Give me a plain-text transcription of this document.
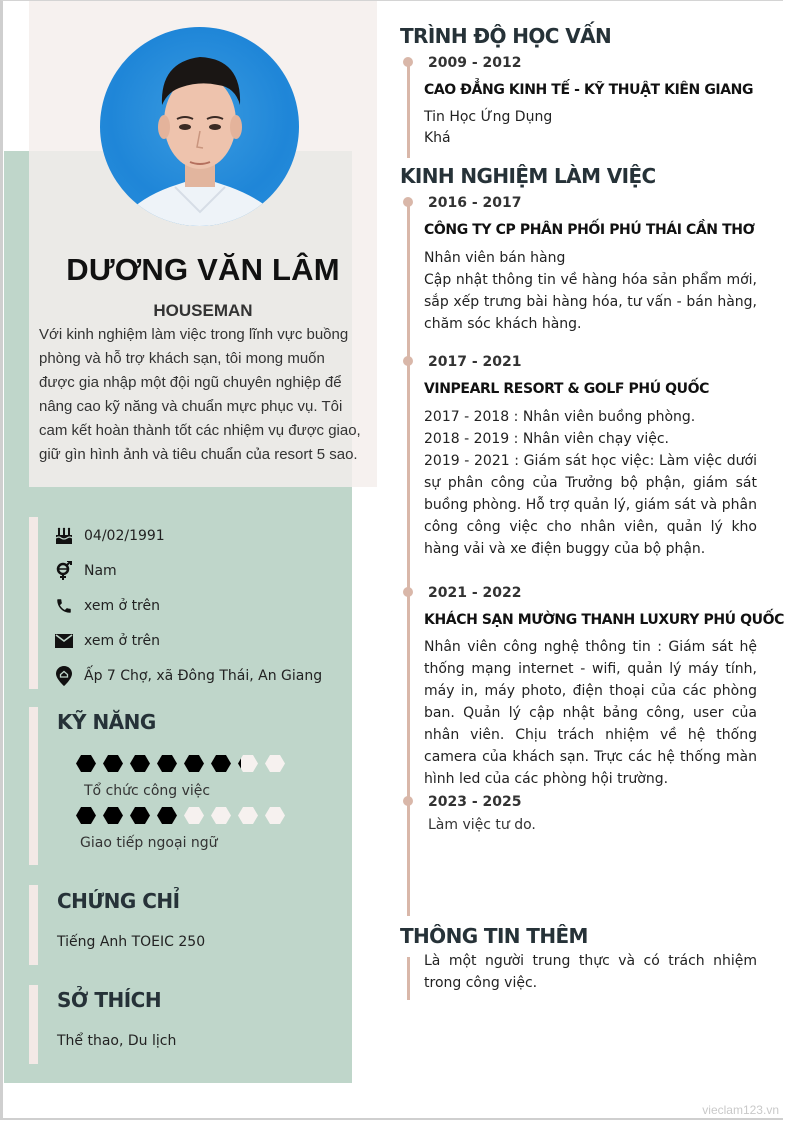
DƯƠNG VĂN LÂM
HOUSEMAN
Với kinh nghiệm làm việc trong lĩnh vực buồng phòng và hỗ trợ khách sạn, tôi mong muốn được gia nhập một đội ngũ chuyên nghiệp để nâng cao kỹ năng và chuẩn mực phục vụ. Tôi cam kết hoàn thành tốt các nhiệm vụ được giao, giữ gìn hình ảnh và tiêu chuẩn của resort 5 sao.
04/02/1991
Nam
xem ở trên
xem ở trên
Ấp 7 Chợ, xã Đông Thái, An Giang
KỸ NĂNG
Tổ chức công việc
Giao tiếp ngoại ngữ
CHỨNG CHỈ
Tiếng Anh TOEIC 250
SỞ THÍCH
Thể thao, Du lịch
TRÌNH ĐỘ HỌC VẤN
2009 - 2012
CAO ĐẲNG KINH TẾ - KỸ THUẬT KIÊN GIANG
Tin Học Ứng Dụng
Khá
KINH NGHIỆM LÀM VIỆC
2016 - 2017
CÔNG TY CP PHÂN PHỐI PHÚ THÁI CẦN THƠ
Nhân viên bán hàng
Cập nhật thông tin về hàng hóa sản phẩm mới, sắp xếp trưng bài hàng hóa, tư vấn - bán hàng, chăm sóc khách hàng.
2017 - 2021
VINPEARL RESORT & GOLF PHÚ QUỐC
2017 - 2018 : Nhân viên buồng phòng.
2018 - 2019 : Nhân viên chạy việc.
2019 - 2021 : Giám sát học việc: Làm việc dưới sự phân công của Trưởng bộ phận, giám sát buồng phòng. Hỗ trợ quản lý, giám sát và phân công công việc cho nhân viên, quản lý kho hàng vải và xe điện buggy của bộ phận.
2021 - 2022
KHÁCH SẠN MƯỜNG THANH LUXURY PHÚ QUỐC
Nhân viên công nghệ thông tin : Giám sát hệ thống mạng internet - wifi, quản lý máy tính, máy in, máy photo, điện thoại của các phòng ban. Quản lý cập nhật bảng công, user của nhân viên. Chịu trách nhiệm về hệ thống camera của khách sạn. Trực các hệ thống màn hình led của các phòng hội trường.
2023 - 2025
Làm việc tư do.
THÔNG TIN THÊM
Là một người trung thực và có trách nhiệm trong công việc.
vieclam123.vn
